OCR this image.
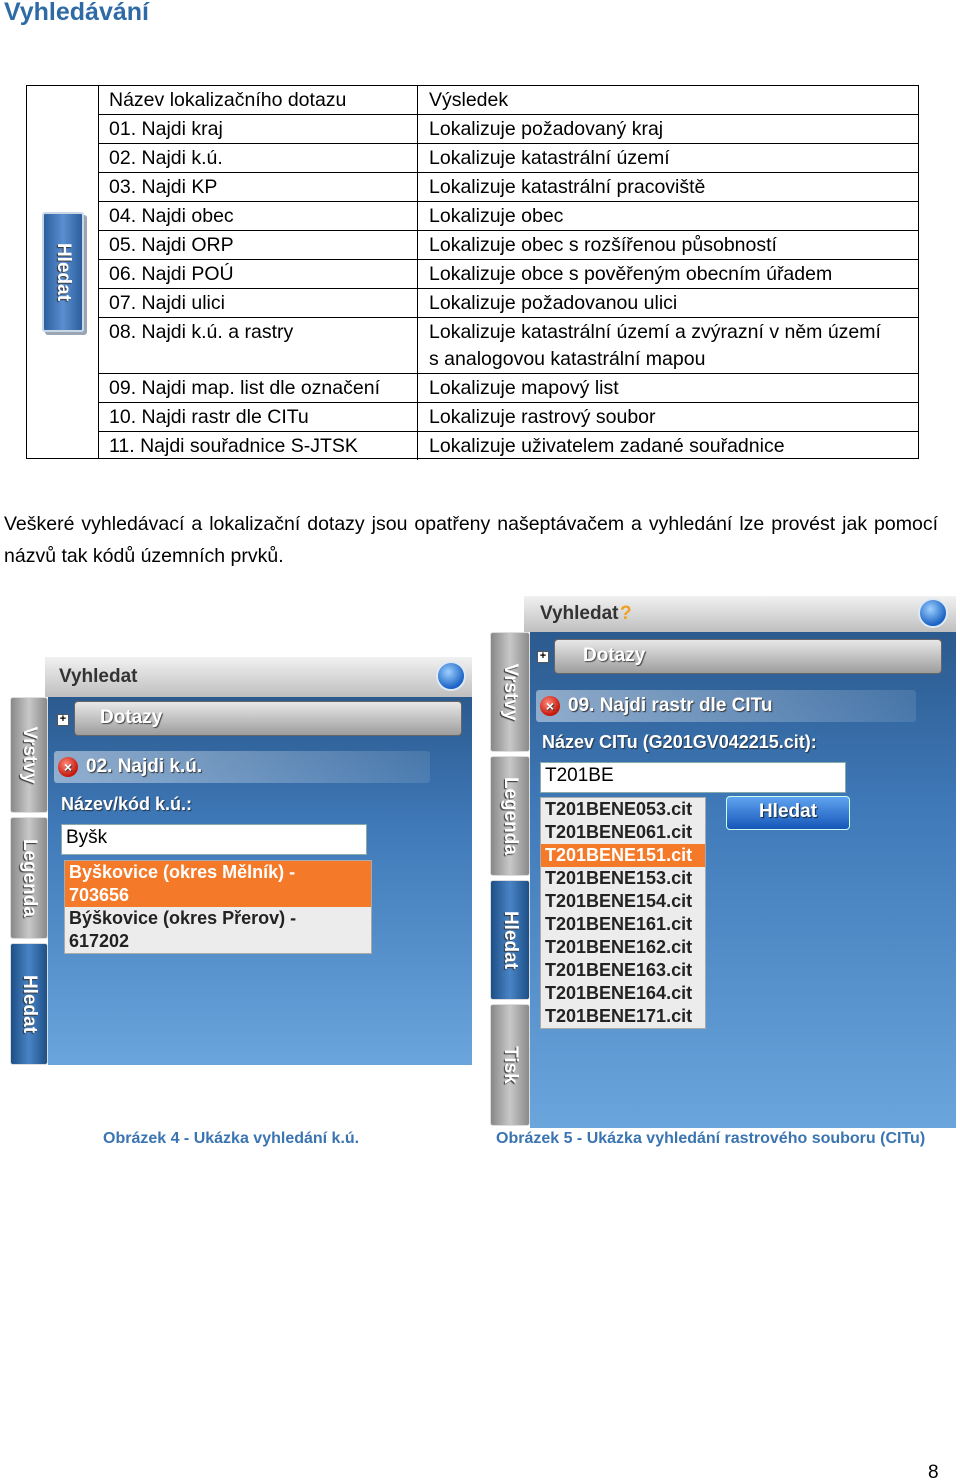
Vyhledávání
Hledat
Název lokalizačního dotazu	Výsledek
01. Najdi kraj	Lokalizuje požadovaný kraj
02. Najdi k.ú.	Lokalizuje katastrální území
03. Najdi KP	Lokalizuje katastrální pracoviště
04. Najdi obec	Lokalizuje obec
05. Najdi ORP	Lokalizuje obec s rozšířenou působností
06. Najdi POÚ	Lokalizuje obce s pověřeným obecním úřadem
07. Najdi ulici	Lokalizuje požadovanou ulici
08. Najdi k.ú. a rastry	Lokalizuje katastrální území a zvýrazní v něm území
s analogovou katastrální mapou
09. Najdi map. list dle označení	Lokalizuje mapový list
10. Najdi rastr dle CITu	Lokalizuje rastrový soubor
11. Najdi souřadnice S-JTSK	Lokalizuje uživatelem zadané souřadnice
Veškeré vyhledávací a lokalizační dotazy jsou opatřeny našeptávačem a vyhledání lze provést jak pomocí názvů tak kódů územních prvků.
Vyhledat
Vrstvy
Legenda
Hledat
+ Dotazy
× 02. Najdi k.ú.
Název/kód k.ú.:
Byšk
Byškovice (okres Mělník) -
703656
Býškovice (okres Přerov) -
617202
Vyhledat ?
Vrstvy
Legenda
Hledat
Tisk
+ Dotazy
× 09. Najdi rastr dle CITu
Název CITu (G201GV042215.cit):
T201BE
T201BENE053.cit
T201BENE061.cit
T201BENE151.cit
T201BENE153.cit
T201BENE154.cit
T201BENE161.cit
T201BENE162.cit
T201BENE163.cit
T201BENE164.cit
T201BENE171.cit
Hledat
Obrázek 4 - Ukázka vyhledání k.ú.	Obrázek 5 - Ukázka vyhledání rastrového souboru (CITu)
8
